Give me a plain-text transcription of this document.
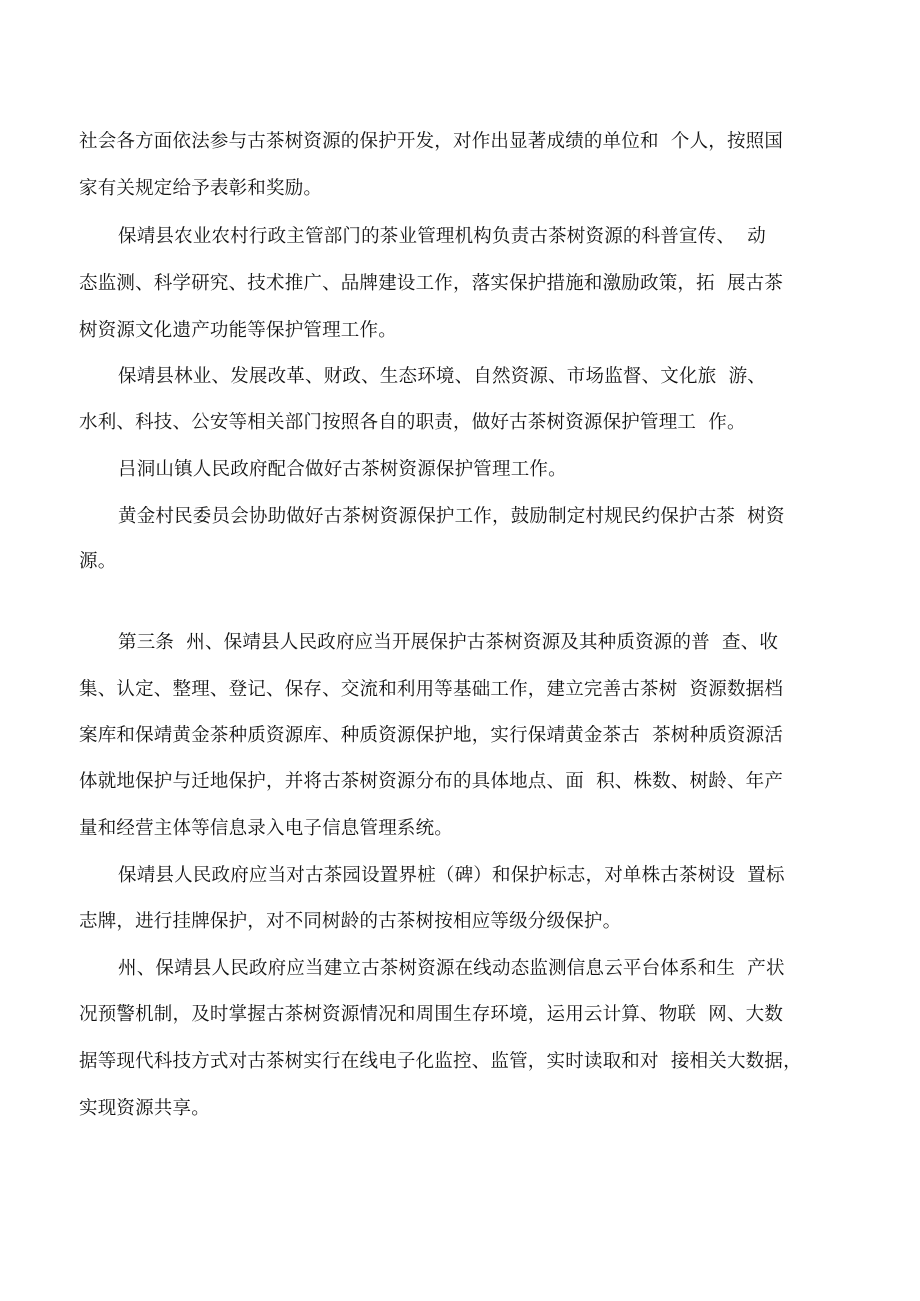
社会各方面依法参与古茶树资源的保护开发，对作出显著成绩的单位和  个人，按照国
家有关规定给予表彰和奖励。
保靖县农业农村行政主管部门的茶业管理机构负责古茶树资源的科普宣传、  动
态监测、科学研究、技术推广、品牌建设工作，落实保护措施和激励政策，拓  展古茶
树资源文化遗产功能等保护管理工作。
保靖县林业、发展改革、财政、生态环境、自然资源、市场监督、文化旅  游、
水利、科技、公安等相关部门按照各自的职责，做好古茶树资源保护管理工  作。
吕洞山镇人民政府配合做好古茶树资源保护管理工作。
黄金村民委员会协助做好古茶树资源保护工作，鼓励制定村规民约保护古茶  树资
源。
第三条  州、保靖县人民政府应当开展保护古茶树资源及其种质资源的普  查、收
集、认定、整理、登记、保存、交流和利用等基础工作，建立完善古茶树  资源数据档
案库和保靖黄金茶种质资源库、种质资源保护地，实行保靖黄金茶古  茶树种质资源活
体就地保护与迁地保护，并将古茶树资源分布的具体地点、面  积、株数、树龄、年产
量和经营主体等信息录入电子信息管理系统。
保靖县人民政府应当对古茶园设置界桩（碑）和保护标志，对单株古茶树设  置标
志牌，进行挂牌保护，对不同树龄的古茶树按相应等级分级保护。
州、保靖县人民政府应当建立古茶树资源在线动态监测信息云平台体系和生  产状
况预警机制，及时掌握古茶树资源情况和周围生存环境，运用云计算、物联  网、大数
据等现代科技方式对古茶树实行在线电子化监控、监管，实时读取和对  接相关大数据，
实现资源共享。
